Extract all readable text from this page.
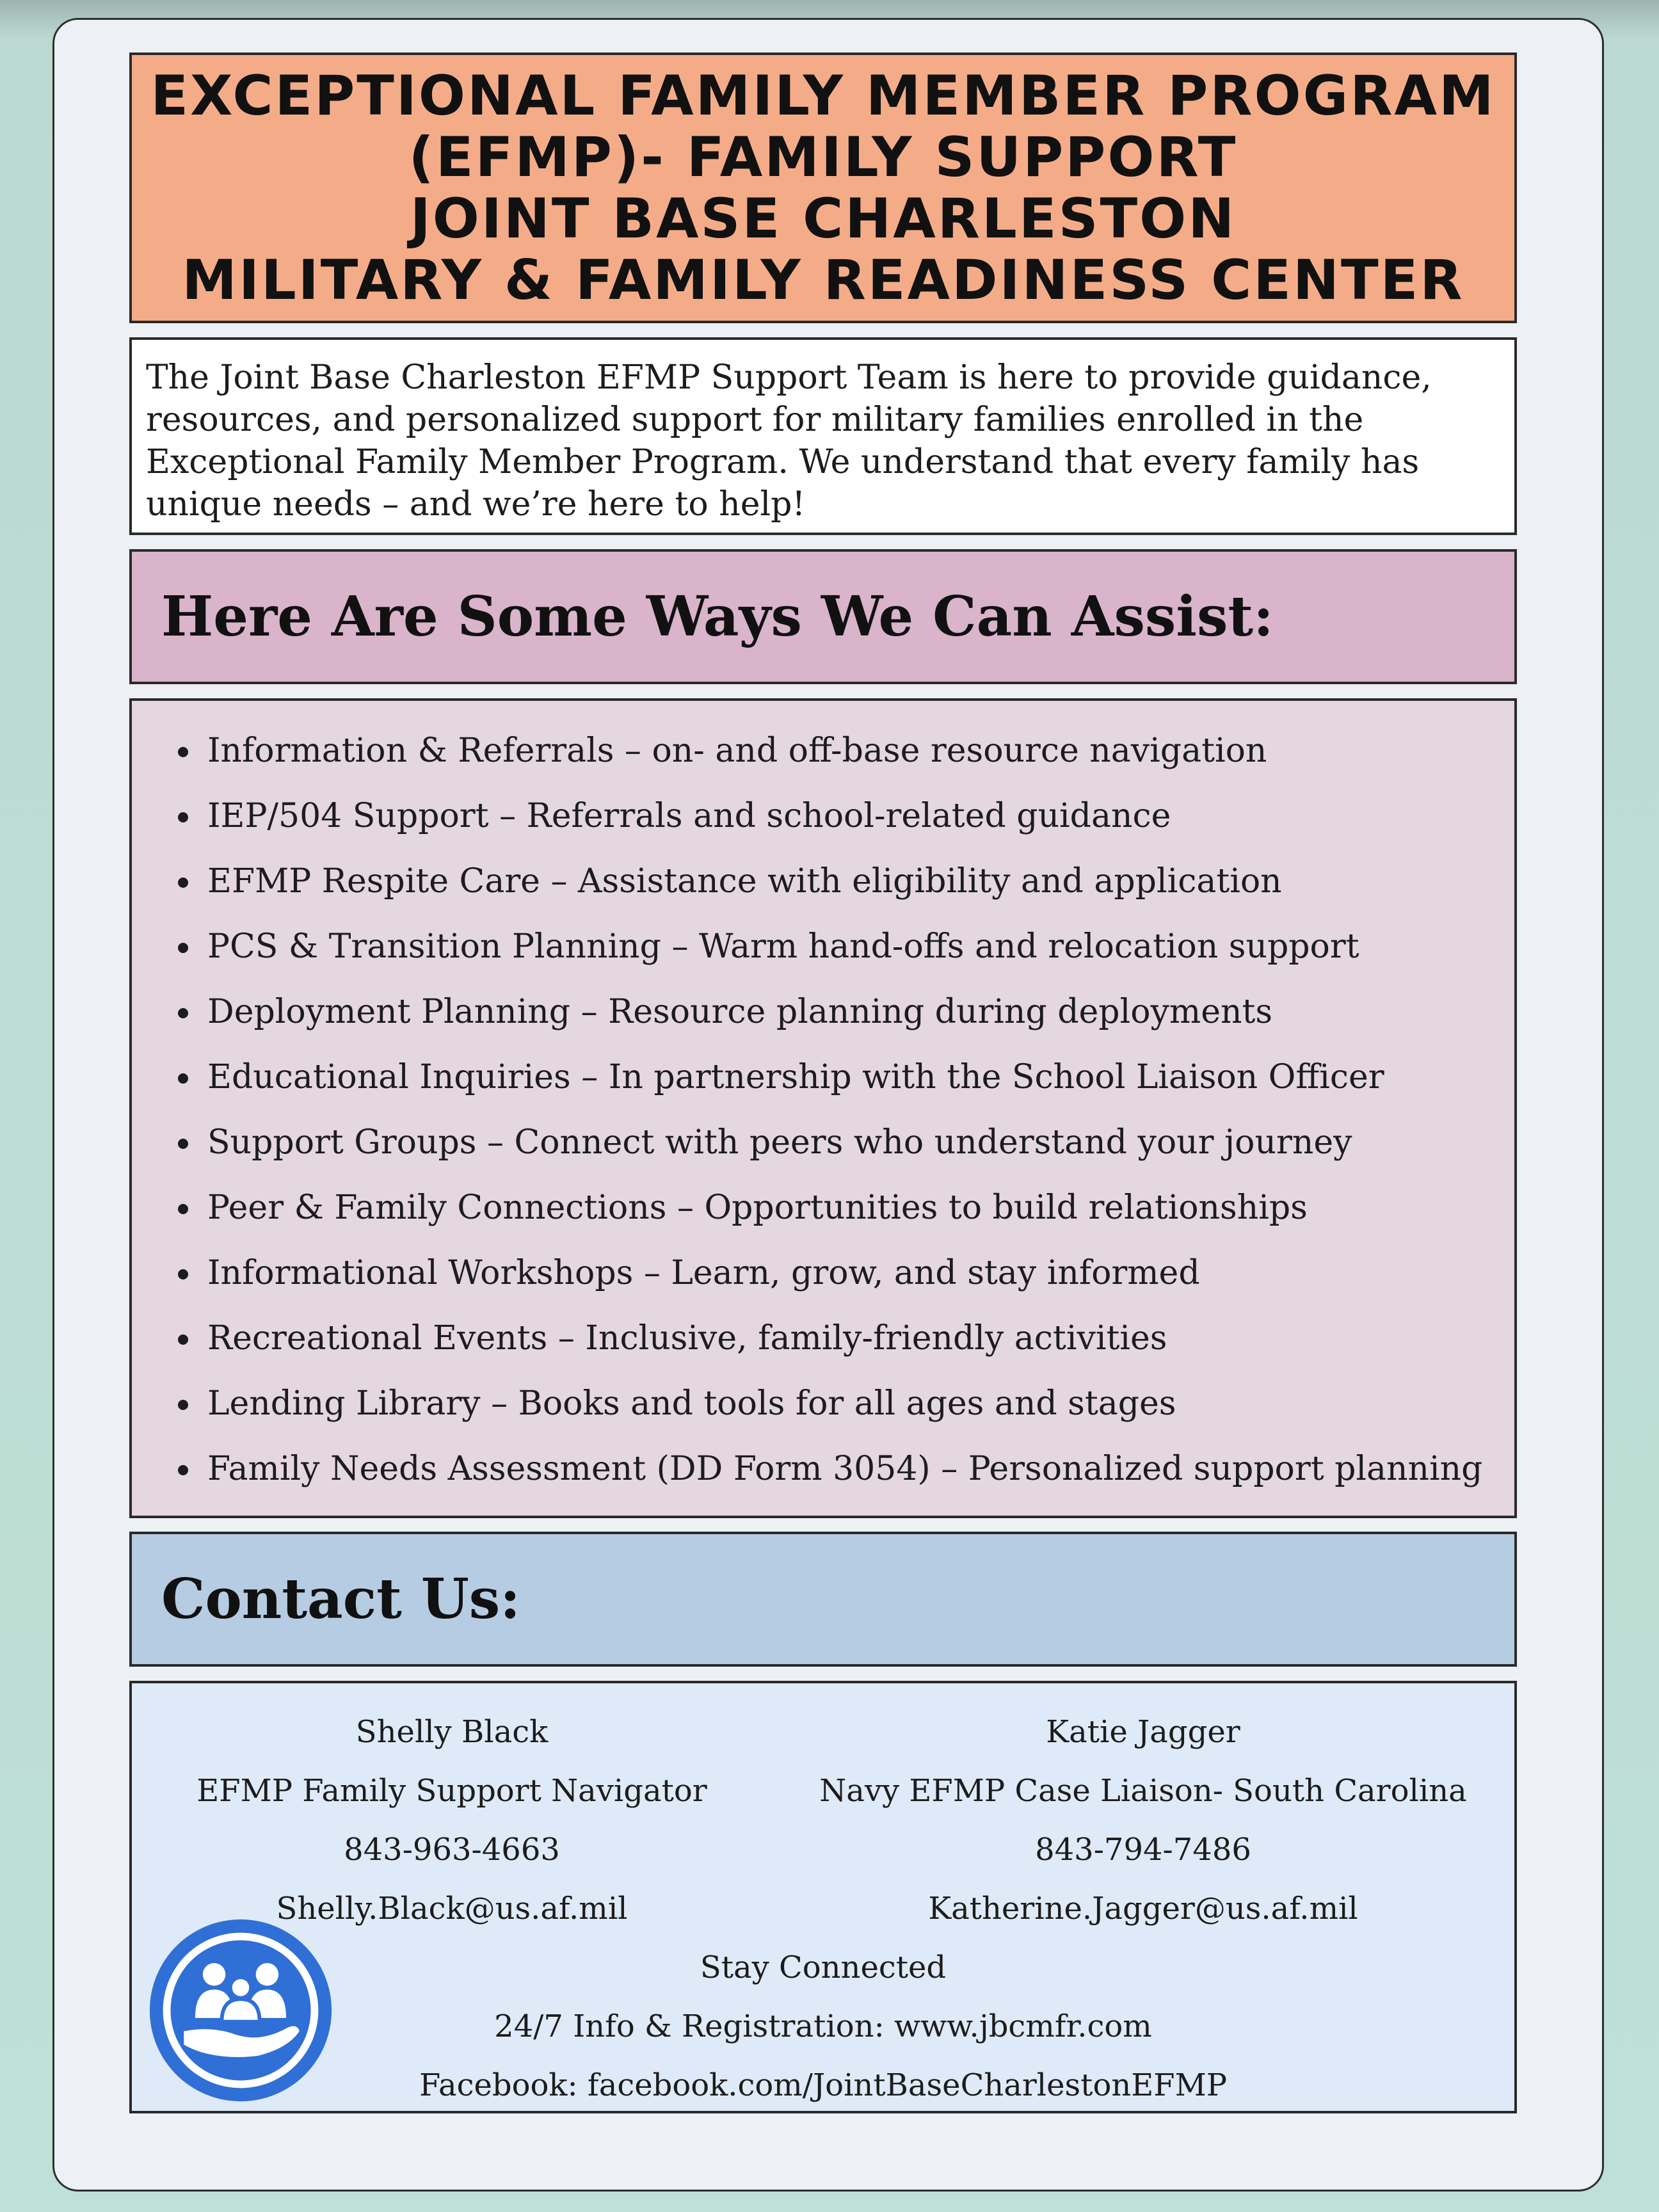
EXCEPTIONAL FAMILY MEMBER PROGRAM
(EFMP)- FAMILY SUPPORT
JOINT BASE CHARLESTON
MILITARY & FAMILY READINESS CENTER
The Joint Base Charleston EFMP Support Team is here to provide guidance,
resources, and personalized support for military families enrolled in the
Exceptional Family Member Program. We understand that every family has
unique needs – and we’re here to help!
Here Are Some Ways We Can Assist:
• Information & Referrals – on- and off-base resource navigation
• IEP/504 Support – Referrals and school-related guidance
• EFMP Respite Care – Assistance with eligibility and application
• PCS & Transition Planning – Warm hand-offs and relocation support
• Deployment Planning – Resource planning during deployments
• Educational Inquiries – In partnership with the School Liaison Officer
• Support Groups – Connect with peers who understand your journey
• Peer & Family Connections – Opportunities to build relationships
• Informational Workshops – Learn, grow, and stay informed
• Recreational Events – Inclusive, family-friendly activities
• Lending Library – Books and tools for all ages and stages
• Family Needs Assessment (DD Form 3054) – Personalized support planning
Contact Us:
Shelly Black
EFMP Family Support Navigator
843-963-4663
Shelly.Black@us.af.mil
Katie Jagger
Navy EFMP Case Liaison- South Carolina
843-794-7486
Katherine.Jagger@us.af.mil
Stay Connected
24/7 Info & Registration: www.jbcmfr.com
Facebook: facebook.com/JointBaseCharlestonEFMP
